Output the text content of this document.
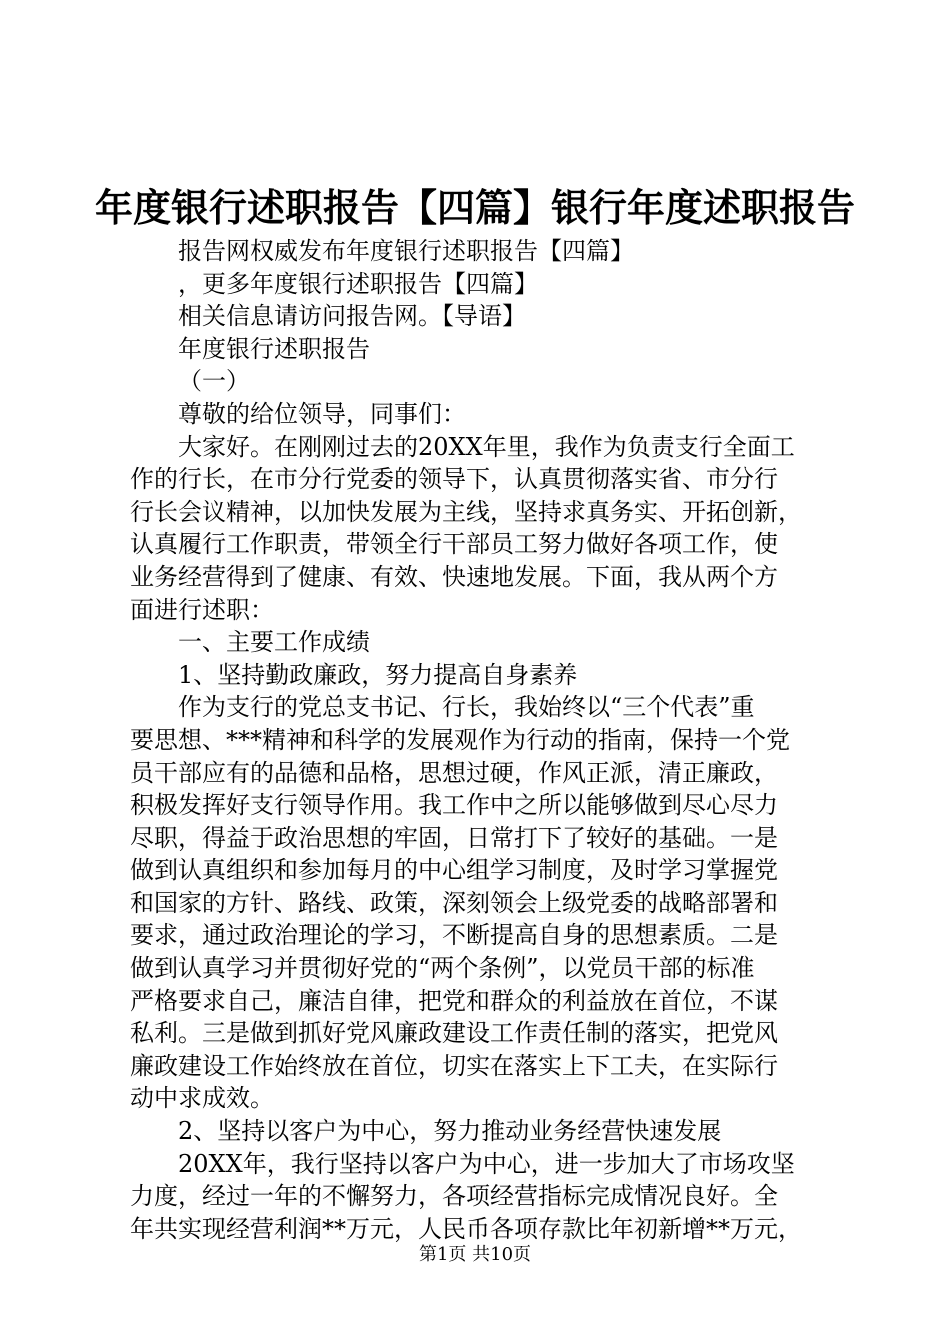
年度银行述职报告【四篇】银行年度述职报告
报告网权威发布年度银行述职报告【四篇】
，更多年度银行述职报告【四篇】
相关信息请访问报告网。【导语】
年度银行述职报告
（一）
尊敬的给位领导，同事们：
大家好。在刚刚过去的20XX年里，我作为负责支行全面工
作的行长，在市分行党委的领导下，认真贯彻落实省、市分行
行长会议精神，以加快发展为主线，坚持求真务实、开拓创新，
认真履行工作职责，带领全行干部员工努力做好各项工作，使
业务经营得到了健康、有效、快速地发展。下面，我从两个方
面进行述职：
一、主要工作成绩
1、坚持勤政廉政，努力提高自身素养
作为支行的党总支书记、行长，我始终以“三个代表”重
要思想、***精神和科学的发展观作为行动的指南，保持一个党
员干部应有的品德和品格，思想过硬，作风正派，清正廉政，
积极发挥好支行领导作用。我工作中之所以能够做到尽心尽力
尽职，得益于政治思想的牢固，日常打下了较好的基础。一是
做到认真组织和参加每月的中心组学习制度，及时学习掌握党
和国家的方针、路线、政策，深刻领会上级党委的战略部署和
要求，通过政治理论的学习，不断提高自身的思想素质。二是
做到认真学习并贯彻好党的“两个条例”，以党员干部的标准
严格要求自己，廉洁自律，把党和群众的利益放在首位，不谋
私利。三是做到抓好党风廉政建设工作责任制的落实，把党风
廉政建设工作始终放在首位，切实在落实上下工夫，在实际行
动中求成效。
2、坚持以客户为中心，努力推动业务经营快速发展
20XX年，我行坚持以客户为中心，进一步加大了市场攻坚
力度，经过一年的不懈努力，各项经营指标完成情况良好。全
年共实现经营利润**万元，人民币各项存款比年初新增**万元，
第1页 共10页
